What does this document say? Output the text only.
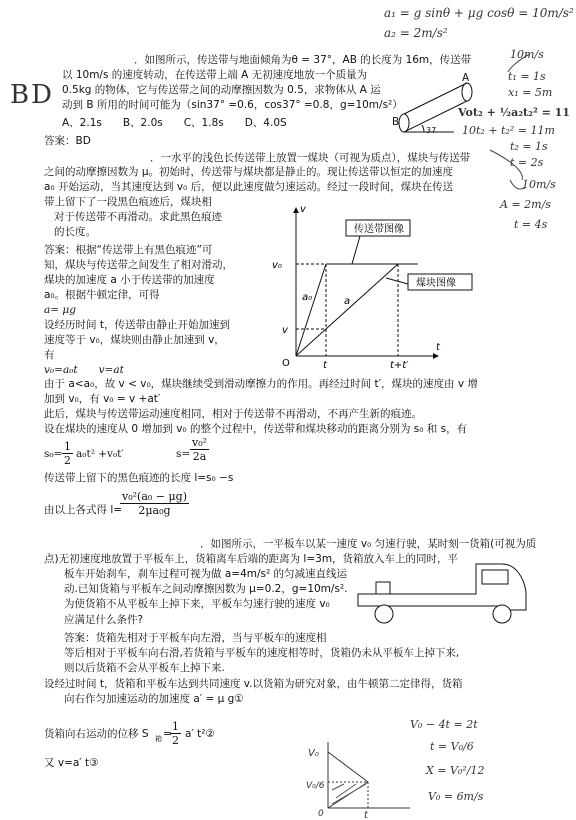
a₁ = g sinθ + μg cosθ = 10m/s²
a₂ = 2m/s²
BD
10m/s
t₁ = 1s
x₁ = 5m
Vot₂ + ½a₂t₂² = 11
10t₂ + t₂² = 11m
t₂ = 1s
t = 2s
10m/s
A = 2m/s
t = 4s
．如图所示，传送带与地面倾角为θ = 37°，AB 的长度为 16m，传送带
以 10m/s 的速度转动，在传送带上端 A 无初速度地放一个质量为
0.5kg 的物体，它与传送带之间的动摩擦因数为 0.5，求物体从 A 运
动到 B 所用的时间可能为（sin37° =0.6，cos37° =0.8，g=10m/s²）
A、2.1s　　B、2.0s　　C、1.8s　　D、4.0S
答案：BD
A
B
37
．一水平的浅色长传送带上放置一煤块（可视为质点），煤块与传送带
之间的动摩擦因数为 μ。初始时，传送带与煤块都是静止的。现让传送带以恒定的加速度
a₀ 开始运动，当其速度达到 v₀ 后，便以此速度做匀速运动。经过一段时间，煤块在传送
带上留下了一段黑色痕迹后，煤块相
对于传送带不再滑动。求此黑色痕迹
的长度。
答案：根据“传送带上有黑色痕迹”可
知，煤块与传送带之间发生了相对滑动，
煤块的加速度 a 小于传送带的加速度
a₀。根据牛顿定律，可得
a= μg
设经历时间 t，传送带由静止开始加速到
速度等于 v₀，煤块则由静止加速到 v，
有
v₀=a₀t　　v=at
由于 a<a₀，故 v < v₀，煤块继续受到滑动摩擦力的作用。再经过时间 t′，煤块的速度由 v 增
加到 v₀，有 v₀ = v +at′
此后，煤块与传送带运动速度相同，相对于传送带不再滑动，不再产生新的痕迹。
设在煤块的速度从 0 增加到 v₀ 的整个过程中，传送带和煤块移动的距离分别为 s₀ 和 s，有
$s_0= \frac{1}{2} a_0t^2 +v_0t'$	$s= \frac{\text{v₀²}}{2a}$
传送带上留下的黑色痕迹的长度 l=s₀ −s
由以上各式得 l=
$\frac{\text{v₀²(a₀ − μg)}}{\text{2μa₀g}}$
传送带图像
煤块图像
v
t
O
v₀
v
t	t+t′
a₀	a
．如图所示，一平板车以某一速度 v₀ 匀速行驶，某时刻一货箱(可视为质
点)无初速度地放置于平板车上，货箱离车后端的距离为 l=3m，货箱放入车上的同时，平
板车开始刹车，刹车过程可视为做 a=4m/s² 的匀减速直线运
动.已知货箱与平板车之间动摩擦因数为 μ=0.2，g=10m/s².
为使货箱不从平板车上掉下来，平板车匀速行驶的速度 v₀
应满足什么条件?
答案：货箱先相对于平板车向左滑，当与平板车的速度相
等后相对于平板车向右滑,若货箱与平板车的速度相等时，货箱仍未从平板车上掉下来,
则以后货箱不会从平板车上掉下来.
设经过时间 t，货箱和平板车达到共同速度 v.以货箱为研究对象，由牛顿第二定律得，货箱
向右作匀加速运动的加速度 a′ = μ g①
货箱向右运动的位移 S 箱 =
$\frac{1}{2} a'$ t²②
又 v=a′ t③
V₀ − 4t = 2t
t = V₀/6
X = V₀²/12
V₀ = 6m/s
V₀
V₀/6
0	t
